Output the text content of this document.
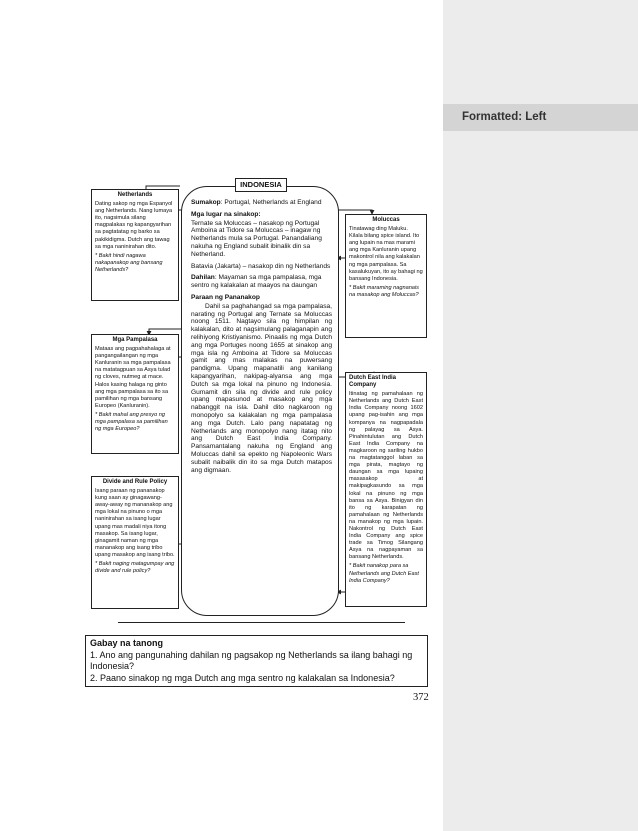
Formatted: Left
Netherlands

Dating sakop ng mga Espanyol ang Netherlands. Nang lumaya ito, nagsimula silang magpalakas ng kapangyarihan sa pagtatatag ng barko sa pakikidigma. Dutch ang tawag sa mga naninirahan dito.

* Bakit hindi nagawa nakapanakop ang bansang Netherlands?

Mga Pampalasa

Mataas ang pagpahahalaga at pangangailangan ng mga Kanluranin sa mga pampalasa na matatagpuan sa Asya tulad ng cloves, nutmeg at mace. Halos kasing halaga ng ginto ang mga pampalasa sa ito sa pamilihan ng mga bansang Europeo (Kanluranin).

* Bakit mahal ang presyo ng mga pampalasa sa pamilihan ng mga Europeo?

Divide and Rule Policy

Isang paraan ng pananakop kung saan ay ginagawang-away-away ng mananakop ang mga lokal na pinuno o mga naninirahan sa isang lugar upang mas madali niya itong masakop. Sa isang lugar, ginagamit naman ng mga mananakop ang isang tribo upang masakop ang isang tribo.

* Bakit naging matagumpay ang divide and rule policy?

Moluccas

Tinatawag ding Maluku. Kilala bilang spice island. Ito ang lupain na mas marami ang mga Kanluranin upang makontrol nila ang kalakalan ng mga pampalasa. Sa kasalukuyan, ito ay bahagi ng bansang Indonesia.

* Bakit maraming nagnanais na masakop ang Moluccas?

Dutch East India Company

Itinatag ng pamahalaan ng Netherlands ang Dutch East India Company noong 1602 upang pag-isahin ang mga kompanya na nagpapadala ng palayag sa Asya. Pinahintulutan ang Dutch East India Company na magkaroon ng sariling hukbo na magtatanggol laban sa mga pirata, magtayo ng daungan sa mga lupaing masasakop at makipagkasundo sa mga lokal na pinuno ng mga bansa sa Asya. Binigyan din ito ng karapatan ng pamahalaan ng Netherlands na manakop ng mga lupain. Nakontrol ng Dutch East India Company ang spice trade sa Timog Silangang Asya na nagpayaman sa bansang Netherlands.

* Bakit nanakop para sa Netherlands ang Dutch East India Company?

Sumakop: Portugal, Netherlands at England

Mga lugar na sinakop:

Ternate sa Moluccas – nasakop ng Portugal
Amboina at Tidore sa Moluccas – inagaw ng Netherlands mula sa Portugal. Panandaliang nakuha ng England subalit ibinalik din sa Netherland.

Batavia (Jakarta) – nasakop din ng Netherlands

Dahilan: Mayaman sa mga pampalasa, mga sentro ng kalakalan at maayos na daungan

Paraan ng Pananakop

Dahil sa paghahangad sa mga pampalasa, narating ng Portugal ang Ternate sa Moluccas noong 1511. Nagtayo sila ng himpilan ng kalakalan, dito at nagsimulang palaganapin ang relihiyong Kristiyanismo. Pinaalis ng mga Dutch ang mga Portuges noong 1655 at sinakop ang mga isla ng Amboina at Tidore sa Moluccas gamit ang mas malakas na puwersang pandigma. Upang mapanatili ang kanilang kapangyarihan, nakipag-alyansa ang mga Dutch sa mga lokal na pinuno ng Indonesia. Gumamit din sila ng divide and rule policy upang mapasunod at masakop ang mga nabanggit na isla. Dahil dito nagkaroon ng monopolyo sa kalakalan ng mga pampalasa ang mga Dutch. Lalo pang napatatag ng Netherlands ang monopolyo nang itatag nito ang Dutch East India Company. Pansamantalang nakuha ng England ang Moluccas dahil sa epekto ng Napoleonic Wars subalit naibalik din ito sa mga Dutch matapos ang digmaan.

INDONESIA
Gabay na tanong
1. Ano ang pangunahing dahilan ng pagsakop ng Netherlands sa ilang bahagi ng Indonesia?
2. Paano sinakop ng mga Dutch ang mga sentro ng kalakalan sa Indonesia?
372
